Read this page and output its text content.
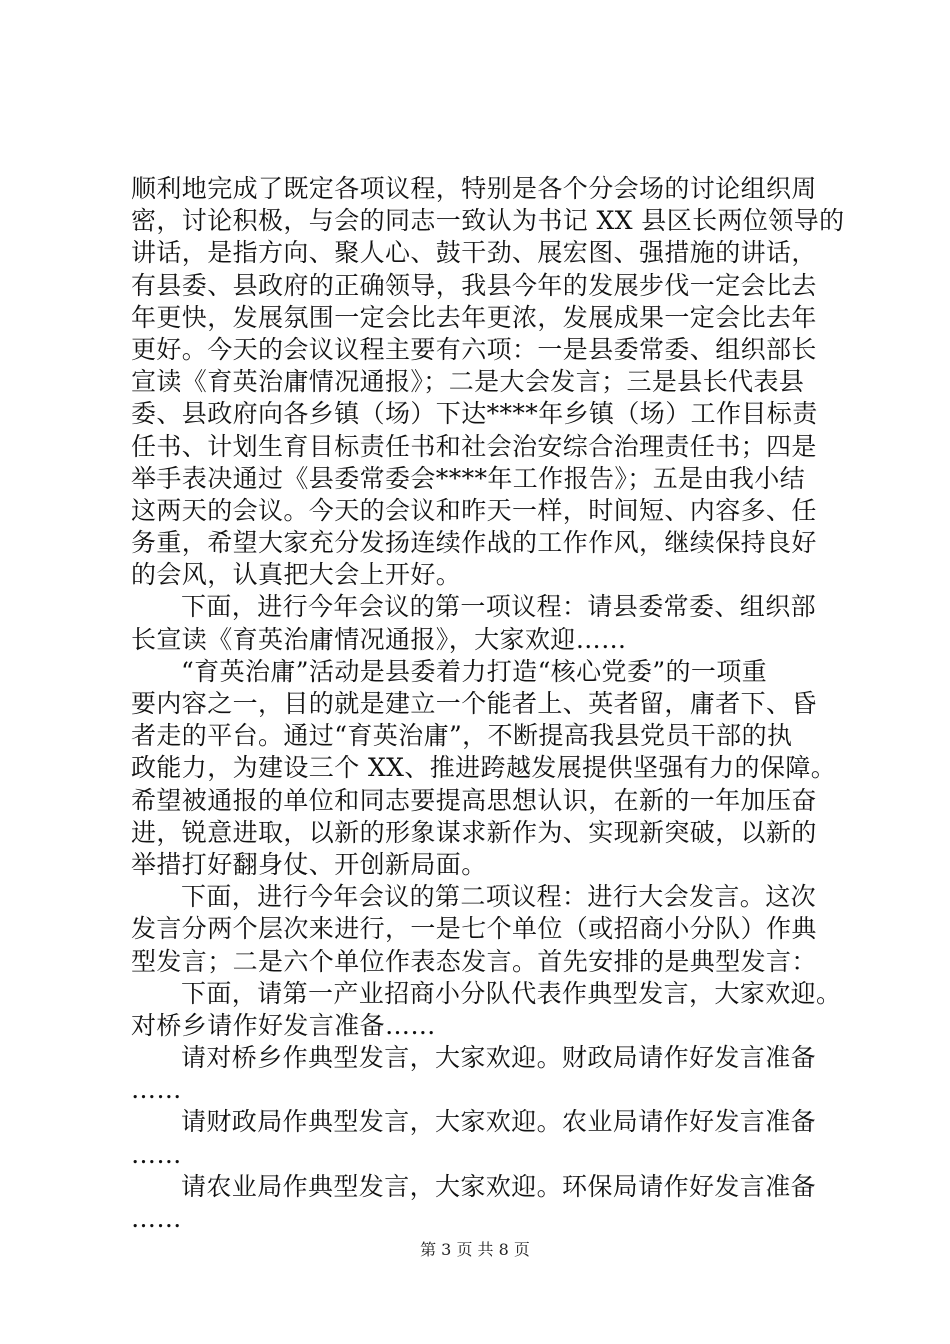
顺利地完成了既定各项议程，特别是各个分会场的讨论组织周
密，讨论积极，与会的同志一致认为书记 XX 县区长两位领导的
讲话，是指方向、聚人心、鼓干劲、展宏图、强措施的讲话，
有县委、县政府的正确领导，我县今年的发展步伐一定会比去
年更快，发展氛围一定会比去年更浓，发展成果一定会比去年
更好。今天的会议议程主要有六项：一是县委常委、组织部长
宣读《育英治庸情况通报》；二是大会发言；三是县长代表县
委、县政府向各乡镇（场）下达****年乡镇（场）工作目标责
任书、计划生育目标责任书和社会治安综合治理责任书；四是
举手表决通过《县委常委会****年工作报告》；五是由我小结
这两天的会议。今天的会议和昨天一样，时间短、内容多、任
务重，希望大家充分发扬连续作战的工作作风，继续保持良好
的会风，认真把大会上开好。
下面，进行今年会议的第一项议程：请县委常委、组织部
长宣读《育英治庸情况通报》，大家欢迎……
“育英治庸”活动是县委着力打造“核心党委”的一项重
要内容之一，目的就是建立一个能者上、英者留，庸者下、昏
者走的平台。通过“育英治庸”，不断提高我县党员干部的执
政能力，为建设三个 XX、推进跨越发展提供坚强有力的保障。
希望被通报的单位和同志要提高思想认识，在新的一年加压奋
进，锐意进取，以新的形象谋求新作为、实现新突破，以新的
举措打好翻身仗、开创新局面。
下面，进行今年会议的第二项议程：进行大会发言。这次
发言分两个层次来进行，一是七个单位（或招商小分队）作典
型发言；二是六个单位作表态发言。首先安排的是典型发言：
下面，请第一产业招商小分队代表作典型发言，大家欢迎。
对桥乡请作好发言准备……
请对桥乡作典型发言，大家欢迎。财政局请作好发言准备
……
请财政局作典型发言，大家欢迎。农业局请作好发言准备
……
请农业局作典型发言，大家欢迎。环保局请作好发言准备
……
第 3 页 共 8 页
